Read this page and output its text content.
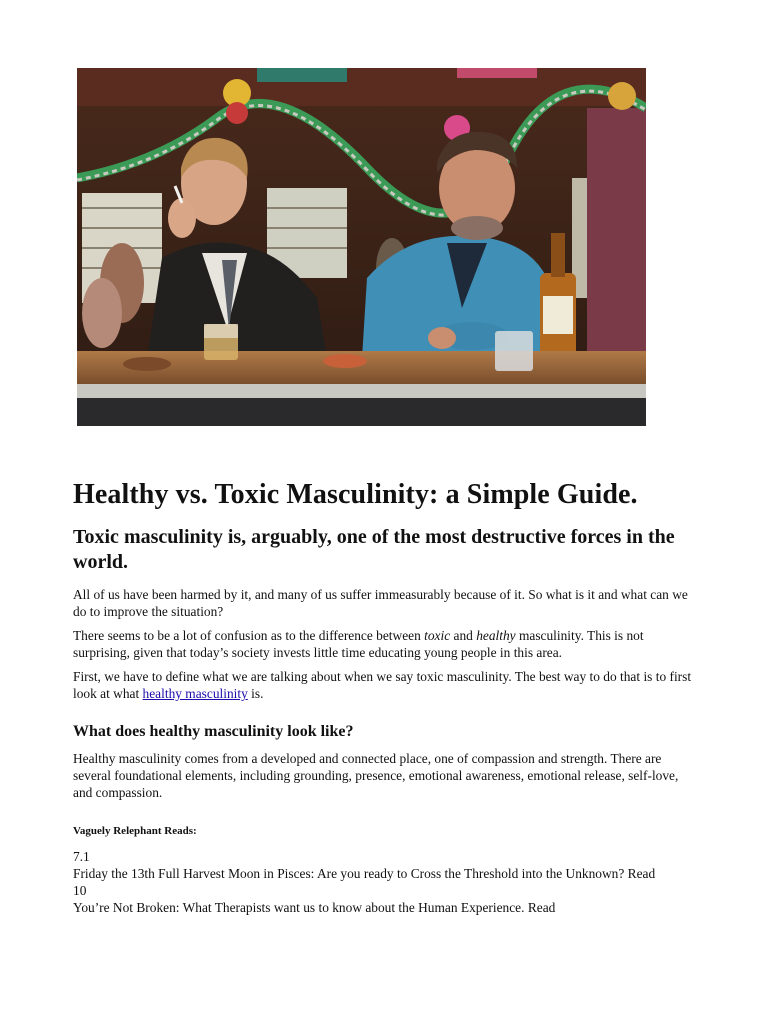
Healthy vs. Toxic Masculinity: a Simple Guide.
Toxic masculinity is, arguably, one of the most destructive forces in the world.

All of us have been harmed by it, and many of us suffer immeasurably because of it. So what is it and what can we do to improve the situation?

There seems to be a lot of confusion as to the difference between toxic and healthy masculinity. This is not surprising, given that today’s society invests little time educating young people in this area.

First, we have to define what we are talking about when we say toxic masculinity. The best way to do that is to first look at what healthy masculinity is.

What does healthy masculinity look like?

Healthy masculinity comes from a developed and connected place, one of compassion and strength. There are several foundational elements, including grounding, presence, emotional awareness, emotional release, self-love, and compassion.

Vaguely Relephant Reads:

7.1

Friday the 13th Full Harvest Moon in Pisces: Are you ready to Cross the Threshold into the Unknown? Read

10

You’re Not Broken: What Therapists want us to know about the Human Experience. Read
